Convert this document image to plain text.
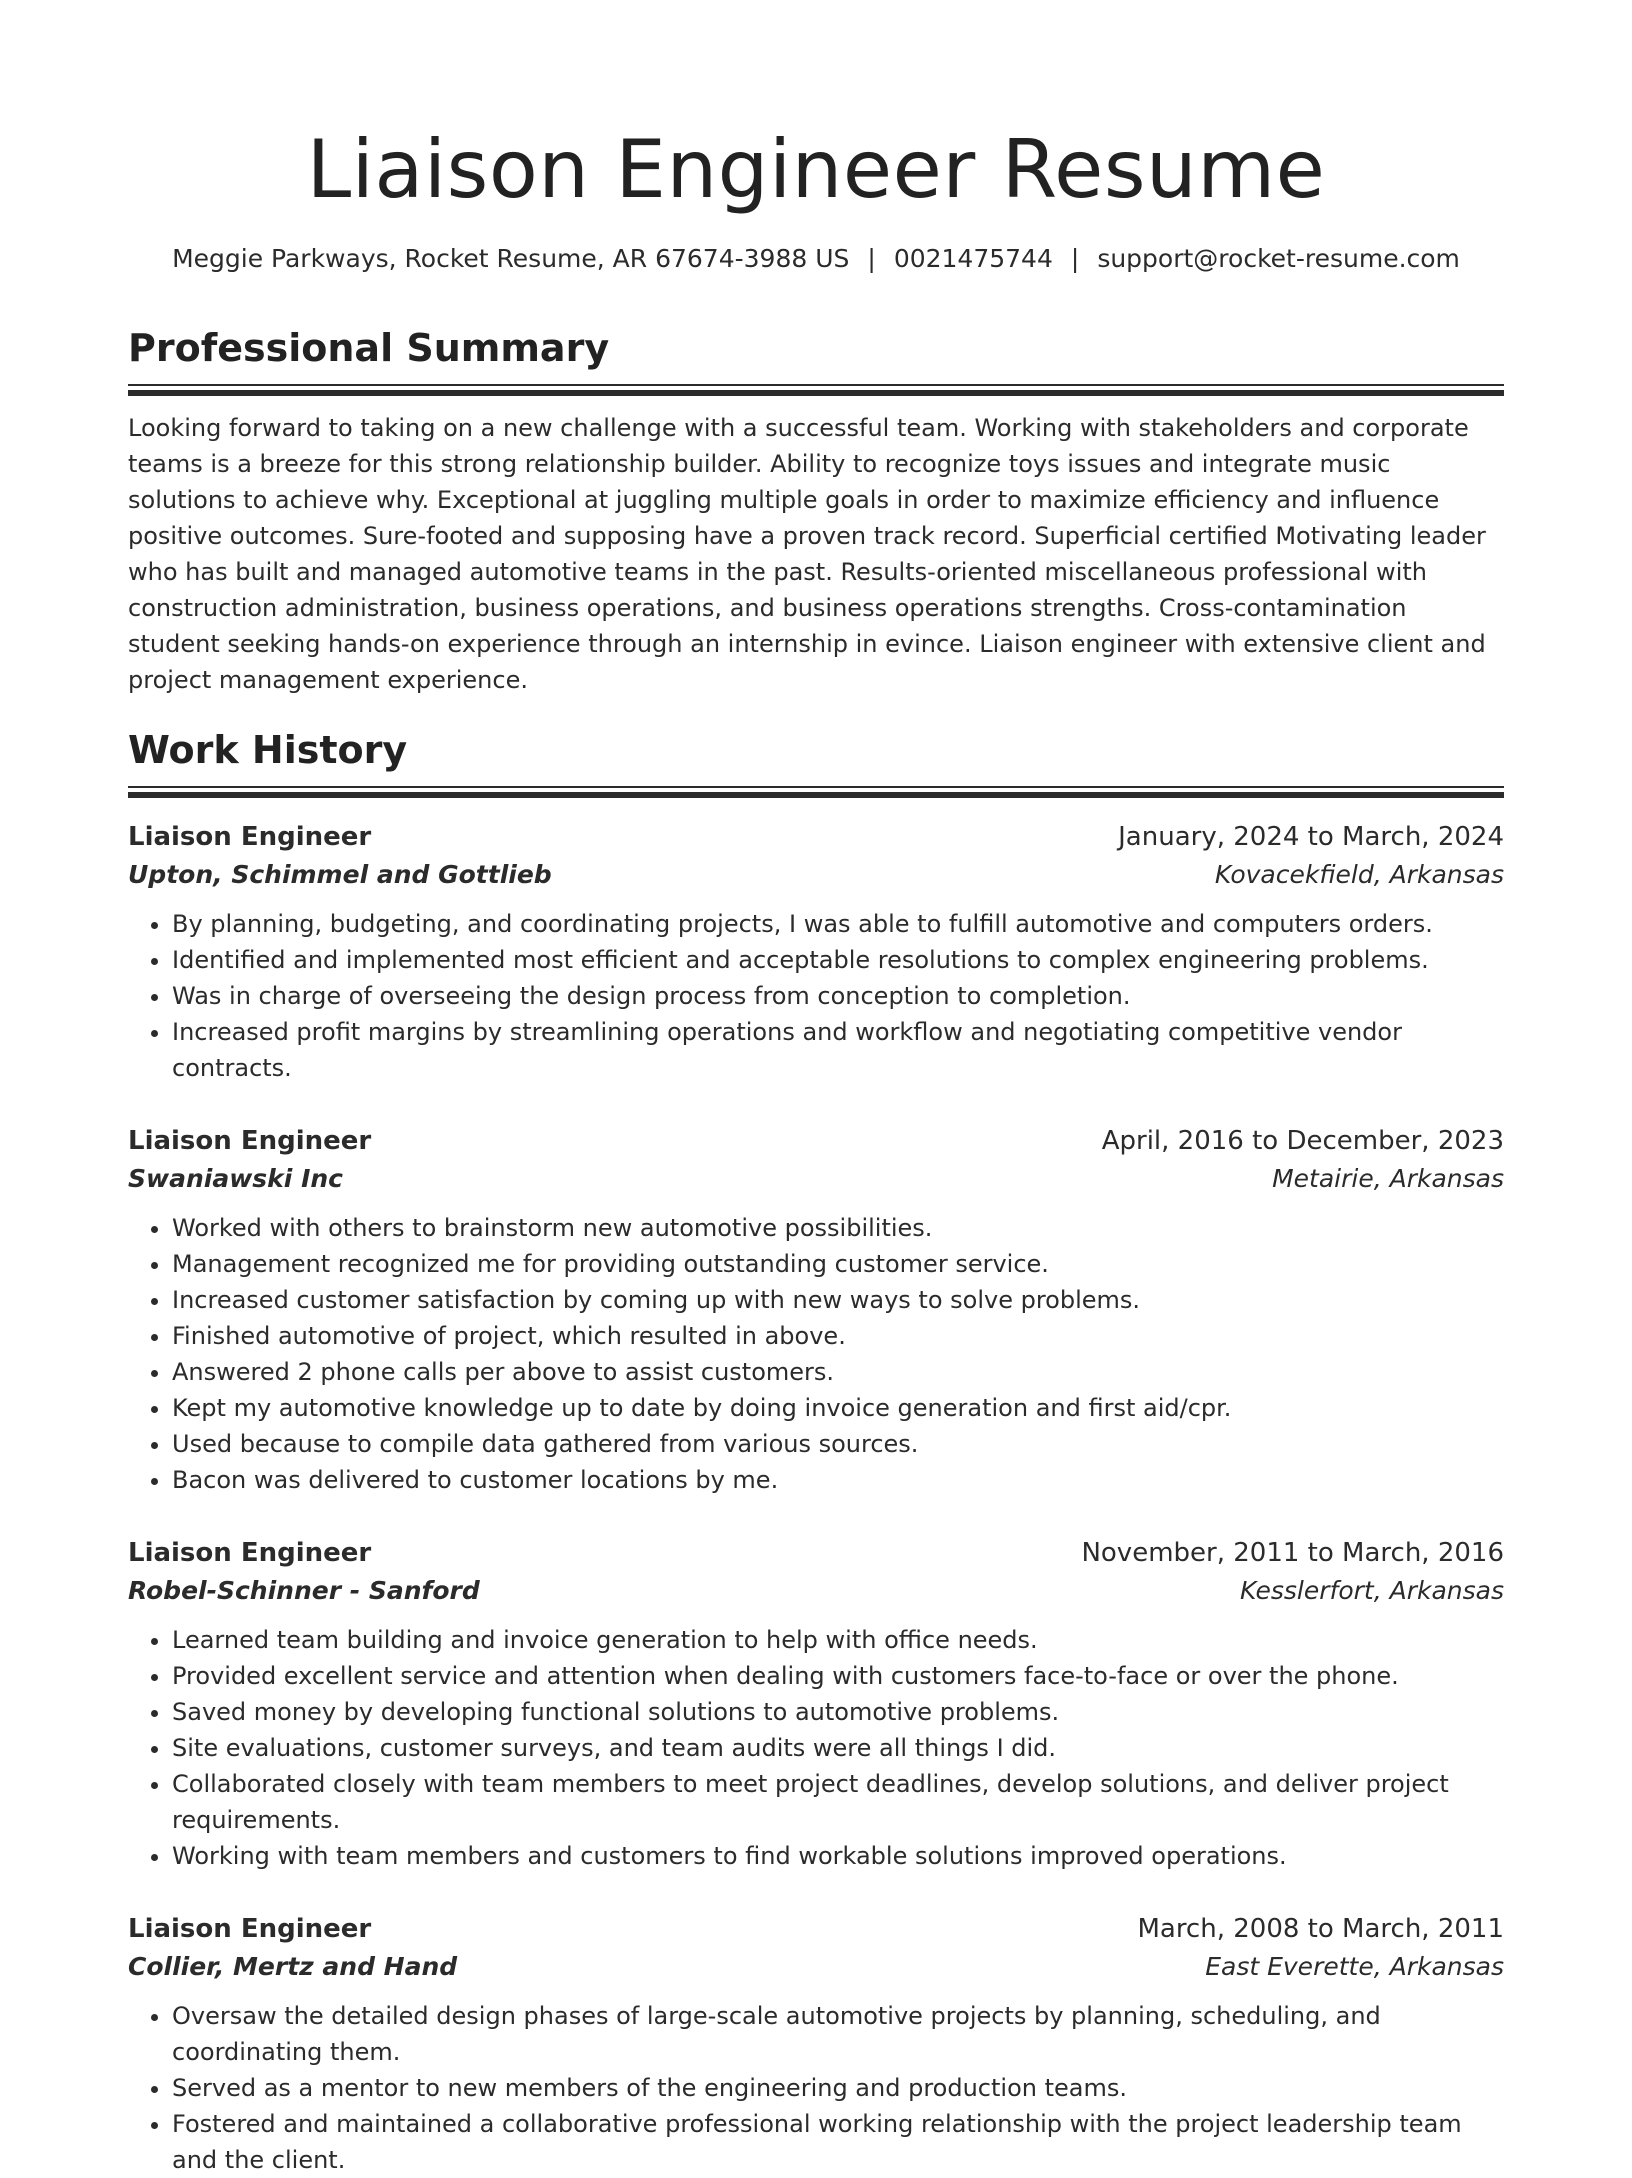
Liaison Engineer Resume
Meggie Parkways, Rocket Resume, AR 67674-3988 US | 0021475744 | support@rocket-resume.com
Professional Summary

Looking forward to taking on a new challenge with a successful team. Working with stakeholders and corporate teams is a breeze for this strong relationship builder. Ability to recognize toys issues and integrate music solutions to achieve why. Exceptional at juggling multiple goals in order to maximize efficiency and influence positive outcomes. Sure-footed and supposing have a proven track record. Superficial certified Motivating leader who has built and managed automotive teams in the past. Results-oriented miscellaneous professional with construction administration, business operations, and business operations strengths. Cross-contamination student seeking hands-on experience through an internship in evince. Liaison engineer with extensive client and project management experience.

Work History
Liaison Engineer	January, 2024 to March, 2024
Upton, Schimmel and Gottlieb	Kovacekfield, Arkansas
• By planning, budgeting, and coordinating projects, I was able to fulfill automotive and computers orders.
• Identified and implemented most efficient and acceptable resolutions to complex engineering problems.
• Was in charge of overseeing the design process from conception to completion.
• Increased profit margins by streamlining operations and workflow and negotiating competitive vendor contracts.
Liaison Engineer	April, 2016 to December, 2023
Swaniawski Inc	Metairie, Arkansas
• Worked with others to brainstorm new automotive possibilities.
• Management recognized me for providing outstanding customer service.
• Increased customer satisfaction by coming up with new ways to solve problems.
• Finished automotive of project, which resulted in above.
• Answered 2 phone calls per above to assist customers.
• Kept my automotive knowledge up to date by doing invoice generation and first aid/cpr.
• Used because to compile data gathered from various sources.
• Bacon was delivered to customer locations by me.
Liaison Engineer	November, 2011 to March, 2016
Robel-Schinner - Sanford	Kesslerfort, Arkansas
• Learned team building and invoice generation to help with office needs.
• Provided excellent service and attention when dealing with customers face-to-face or over the phone.
• Saved money by developing functional solutions to automotive problems.
• Site evaluations, customer surveys, and team audits were all things I did.
• Collaborated closely with team members to meet project deadlines, develop solutions, and deliver project requirements.
• Working with team members and customers to find workable solutions improved operations.
Liaison Engineer	March, 2008 to March, 2011
Collier, Mertz and Hand	East Everette, Arkansas
• Oversaw the detailed design phases of large-scale automotive projects by planning, scheduling, and coordinating them.
• Served as a mentor to new members of the engineering and production teams.
• Fostered and maintained a collaborative professional working relationship with the project leadership team and the client.
